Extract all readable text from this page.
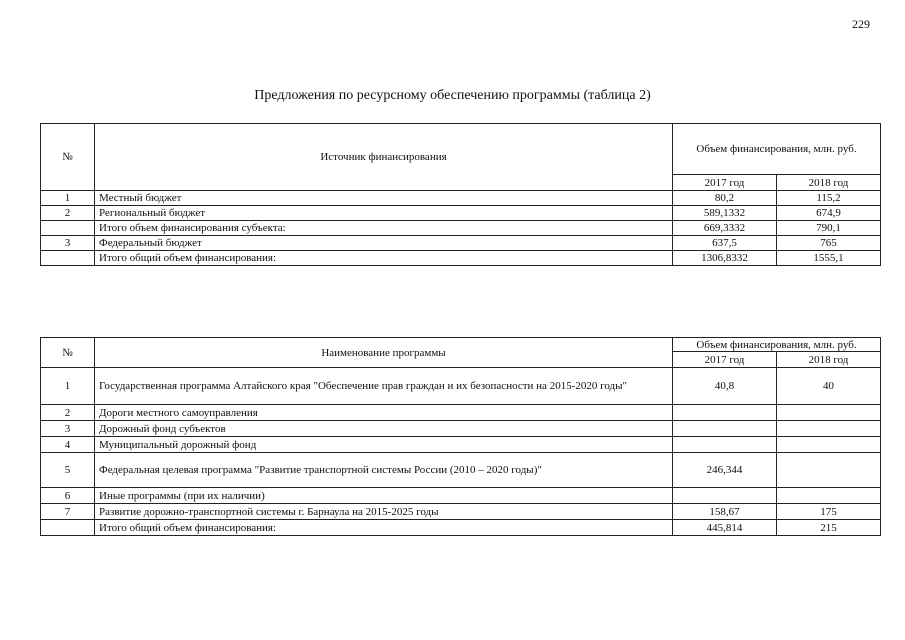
229
Предложения по ресурсному обеспечению программы (таблица 2)
№	Источник финансирования	Объем финансирования, млн. руб.	
		2017 год	2018 год
1	Местный бюджет	80,2	115,2
2	Региональный бюджет	589,1332	674,9
	Итого объем финансирования субъекта:	669,3332	790,1
3	Федеральный бюджет	637,5	765
	Итого общий объем финансирования:	1306,8332	1555,1
№	Наименование программы	Объем финансирования, млн. руб.	
		2017 год	2018 год
1	Государственная программа Алтайского края "Обеспечение прав граждан и их безопасности на 2015-2020 годы"	40,8	40
2	Дороги местного самоуправления		
3	Дорожный фонд субъектов		
4	Муниципальный дорожный фонд		
5	Федеральная целевая программа "Развитие транспортной системы России (2010 – 2020 годы)"	246,344	
6	Иные программы (при их наличии)		
7	Развитие дорожно-транспортной системы г. Барнаула на 2015-2025 годы	158,67	175
	Итого общий объем финансирования:	445,814	215
